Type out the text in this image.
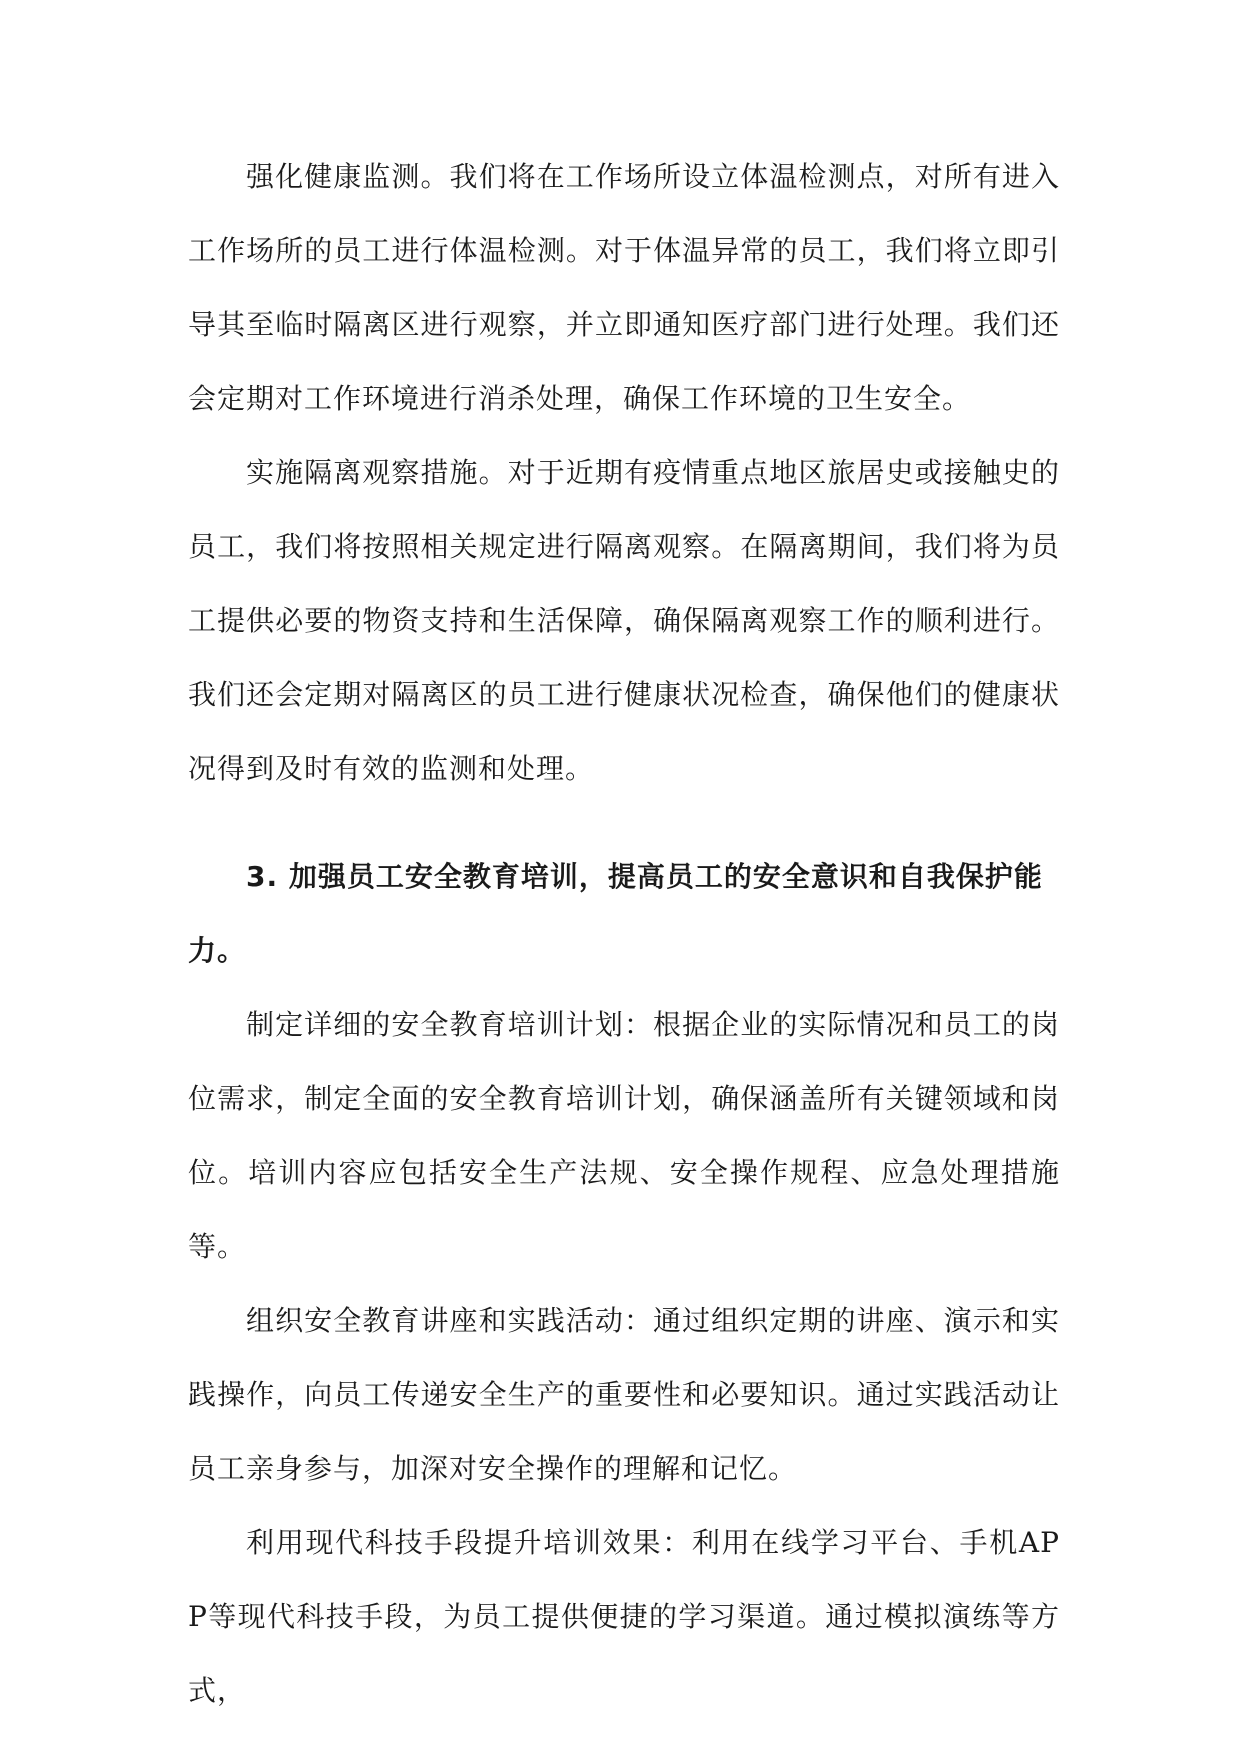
强化健康监测。我们将在工作场所设立体温检测点，对所有进入工作场所的员工进行体温检测。对于体温异常的员工，我们将立即引导其至临时隔离区进行观察，并立即通知医疗部门进行处理。我们还会定期对工作环境进行消杀处理，确保工作环境的卫生安全。

实施隔离观察措施。对于近期有疫情重点地区旅居史或接触史的员工，我们将按照相关规定进行隔离观察。在隔离期间，我们将为员工提供必要的物资支持和生活保障，确保隔离观察工作的顺利进行。我们还会定期对隔离区的员工进行健康状况检查，确保他们的健康状况得到及时有效的监测和处理。

3. 加强员工安全教育培训，提高员工的安全意识和自我保护能力。

制定详细的安全教育培训计划：根据企业的实际情况和员工的岗位需求，制定全面的安全教育培训计划，确保涵盖所有关键领域和岗位。培训内容应包括安全生产法规、安全操作规程、应急处理措施等。

组织安全教育讲座和实践活动：通过组织定期的讲座、演示和实践操作，向员工传递安全生产的重要性和必要知识。通过实践活动让员工亲身参与，加深对安全操作的理解和记忆。

利用现代科技手段提升培训效果：利用在线学习平台、手机APP等现代科技手段，为员工提供便捷的学习渠道。通过模拟演练等方式，
